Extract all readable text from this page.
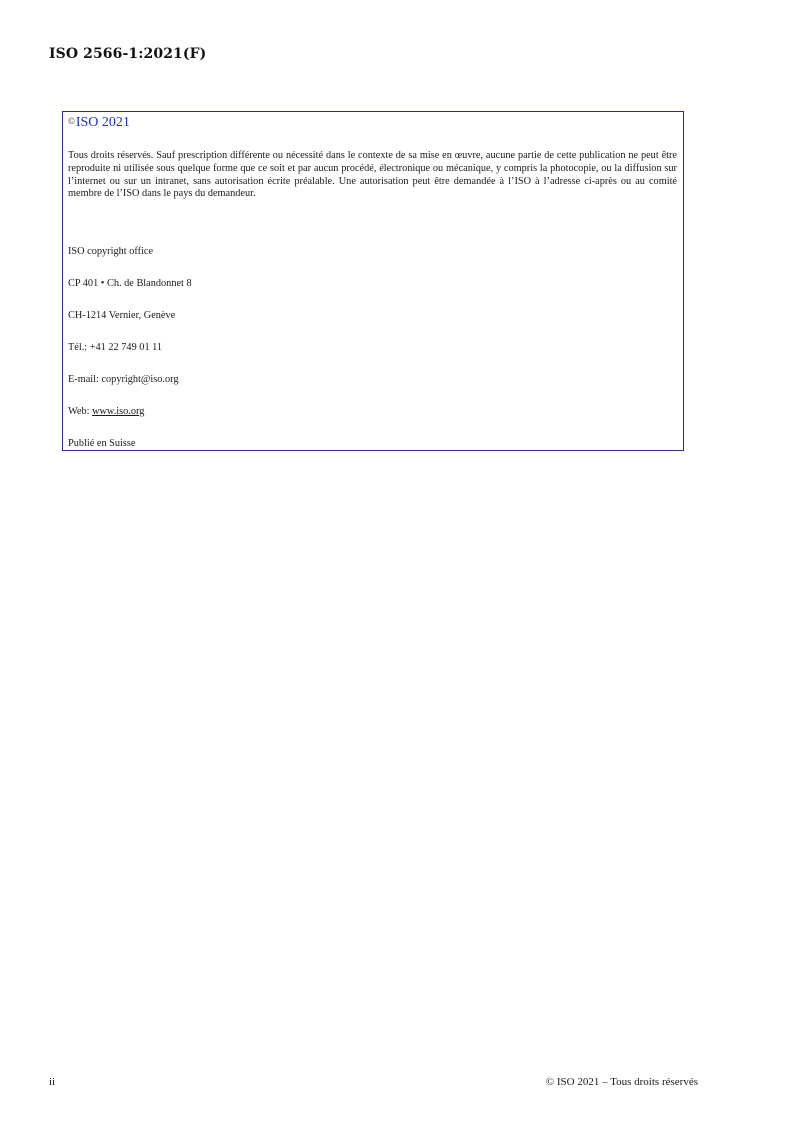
ISO 2566-1:2021(F)
©ISO 2021
Tous droits réservés. Sauf prescription différente ou nécessité dans le contexte de sa mise en œuvre, aucune partie de cette publication ne peut être reproduite ni utilisée sous quelque forme que ce soit et par aucun procédé, électronique ou mécanique, y compris la photocopie, ou la diffusion sur l’internet ou sur un intranet, sans autorisation écrite préalable. Une autorisation peut être demandée à l’ISO à l’adresse ci-après ou au comité membre de l’ISO dans le pays du demandeur.
ISO copyright office
CP 401 • Ch. de Blandonnet 8
CH-1214 Vernier, Genève
Tél.: +41 22 749 01 11
E-mail: copyright@iso.org
Web: www.iso.org
Publié en Suisse
ii	© ISO 2021 – Tous droits réservés
